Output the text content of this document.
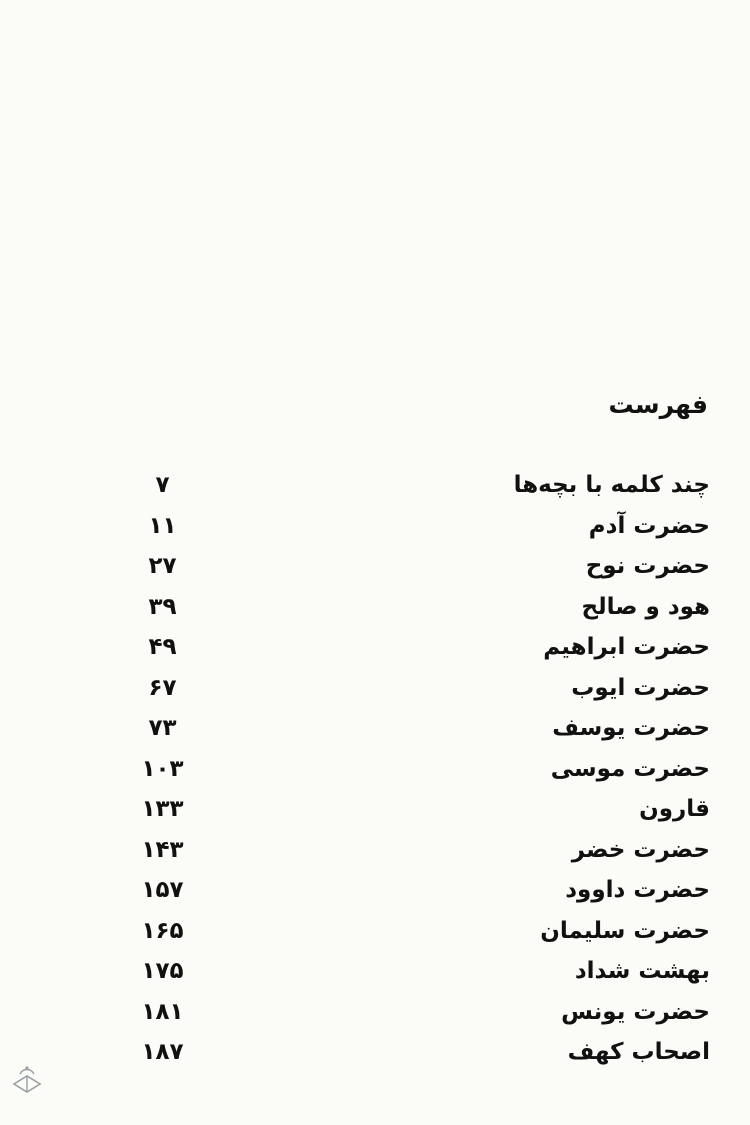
فهرست
چند کلمه با بچه‌ها
۷
حضرت آدم
۱۱
حضرت نوح
۲۷
هود و صالح
۳۹
حضرت ابراهیم
۴۹
حضرت ایوب
۶۷
حضرت یوسف
۷۳
حضرت موسی
۱۰۳
قارون
۱۳۳
حضرت خضر
۱۴۳
حضرت داوود
۱۵۷
حضرت سلیمان
۱۶۵
بهشت شداد
۱۷۵
حضرت یونس
۱۸۱
اصحاب کهف
۱۸۷
